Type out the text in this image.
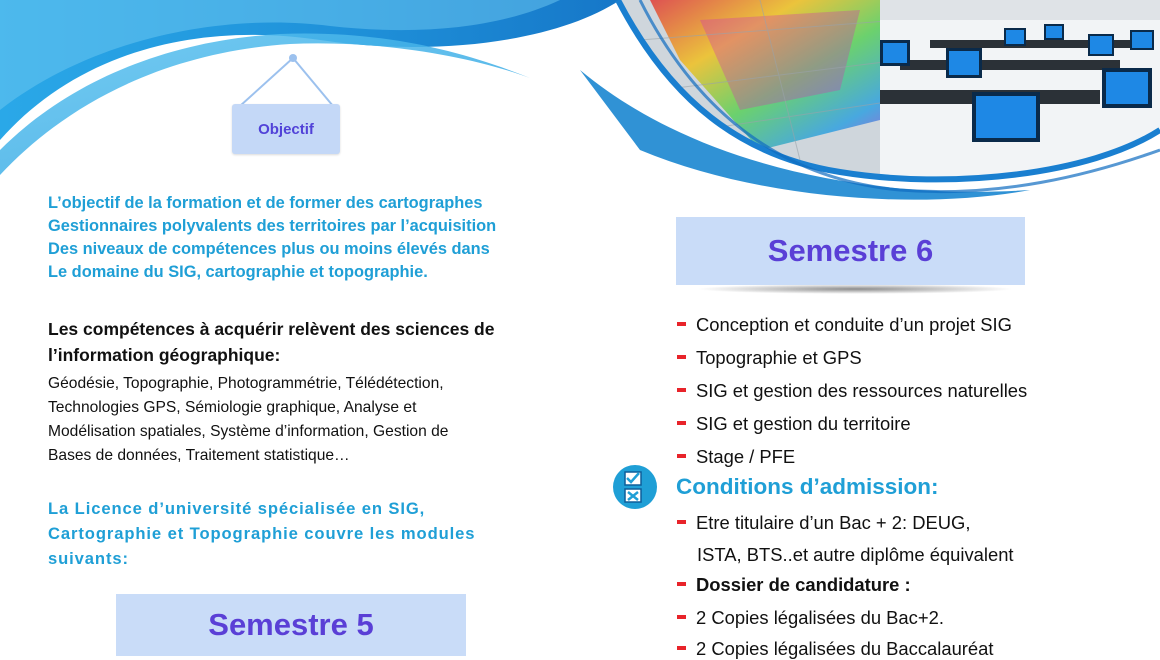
Objectif
L’objectif de la formation et de former des cartographes
Gestionnaires polyvalents des territoires par l’acquisition
Des niveaux de compétences plus ou moins élevés dans
Le domaine du SIG, cartographie et topographie.
Les compétences à acquérir relèvent des sciences de
l’information géographique:
Géodésie, Topographie, Photogrammétrie, Télédétection,
Technologies GPS, Sémiologie graphique, Analyse et
Modélisation spatiales, Système d’information, Gestion de
Bases de données, Traitement statistique…
La Licence d’université spécialisée en SIG,
Cartographie et Topographie couvre les modules
suivants:
Semestre 6
Semestre 5
Conception et conduite d’un projet SIG
Topographie et GPS
SIG et gestion des ressources naturelles
SIG et gestion du territoire
Stage / PFE
Conditions d’admission:
Etre titulaire d’un Bac + 2: DEUG,
ISTA, BTS..et autre diplôme équivalent
Dossier de candidature :
2 Copies légalisées du Bac+2.
2 Copies légalisées du Baccalauréat
